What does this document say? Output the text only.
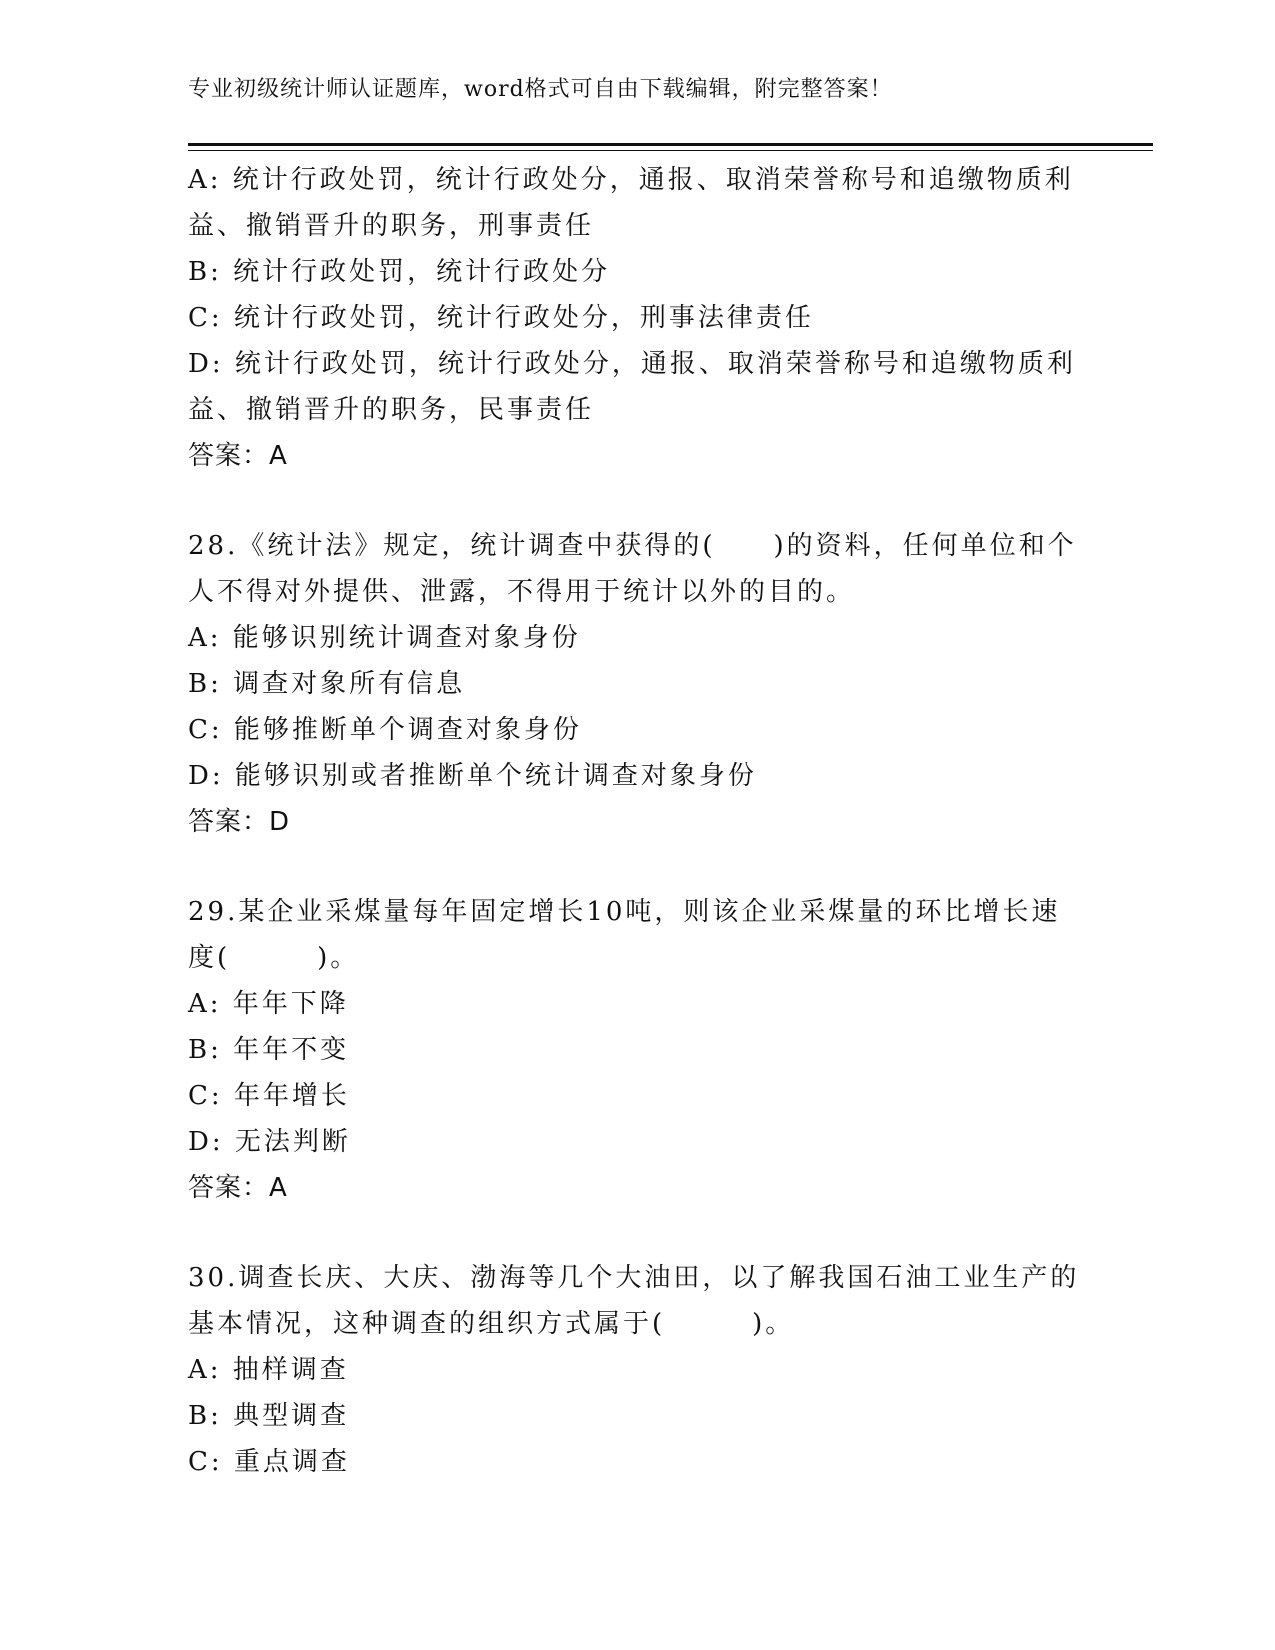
专业初级统计师认证题库，word格式可自由下载编辑，附完整答案！

A: 统计行政处罚，统计行政处分，通报、取消荣誉称号和追缴物质利

益、撤销晋升的职务，刑事责任

B: 统计行政处罚，统计行政处分

C: 统计行政处罚，统计行政处分，刑事法律责任

D: 统计行政处罚，统计行政处分，通报、取消荣誉称号和追缴物质利

益、撤销晋升的职务，民事责任

答案：A

28.《统计法》规定，统计调查中获得的(　　)的资料，任何单位和个

人不得对外提供、泄露，不得用于统计以外的目的。

A: 能够识别统计调查对象身份

B: 调查对象所有信息

C: 能够推断单个调查对象身份

D: 能够识别或者推断单个统计调查对象身份

答案：D

29.某企业采煤量每年固定增长10吨，则该企业采煤量的环比增长速

度(　　　)。

A: 年年下降

B: 年年不变

C: 年年增长

D: 无法判断

答案：A

30.调查长庆、大庆、渤海等几个大油田，以了解我国石油工业生产的

基本情况，这种调查的组织方式属于(　　　)。

A: 抽样调查

B: 典型调查

C: 重点调查
